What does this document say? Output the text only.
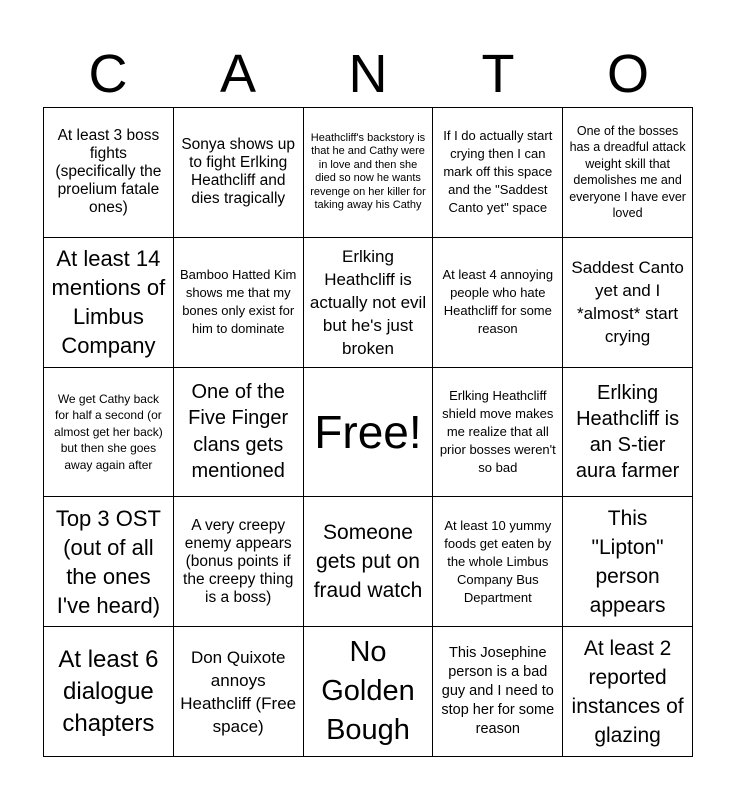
C	A	N	T	O
At least 3 boss fights (specifically the proelium fatale ones)
Sonya shows up to fight Erlking Heathcliff and dies tragically
Heathcliff's backstory is that he and Cathy were in love and then she died so now he wants revenge on her killer for taking away his Cathy
If I do actually start crying then I can mark off this space and the "Saddest Canto yet" space
One of the bosses has a dreadful attack weight skill that demolishes me and everyone I have ever loved
At least 14 mentions of Limbus Company
Bamboo Hatted Kim shows me that my bones only exist for him to dominate
Erlking Heathcliff is actually not evil but he's just broken
At least 4 annoying people who hate Heathcliff for some reason
Saddest Canto yet and I *almost* start crying
We get Cathy back for half a second (or almost get her back) but then she goes away again after
One of the Five Finger clans gets mentioned
Free!
Erlking Heathcliff shield move makes me realize that all prior bosses weren't so bad
Erlking Heathcliff is an S-tier aura farmer
Top 3 OST (out of all the ones I've heard)
A very creepy enemy appears (bonus points if the creepy thing is a boss)
Someone gets put on fraud watch
At least 10 yummy foods get eaten by the whole Limbus Company Bus Department
This "Lipton" person appears
At least 6 dialogue chapters
Don Quixote annoys Heathcliff (Free space)
No Golden Bough
This Josephine person is a bad guy and I need to stop her for some reason
At least 2 reported instances of glazing
